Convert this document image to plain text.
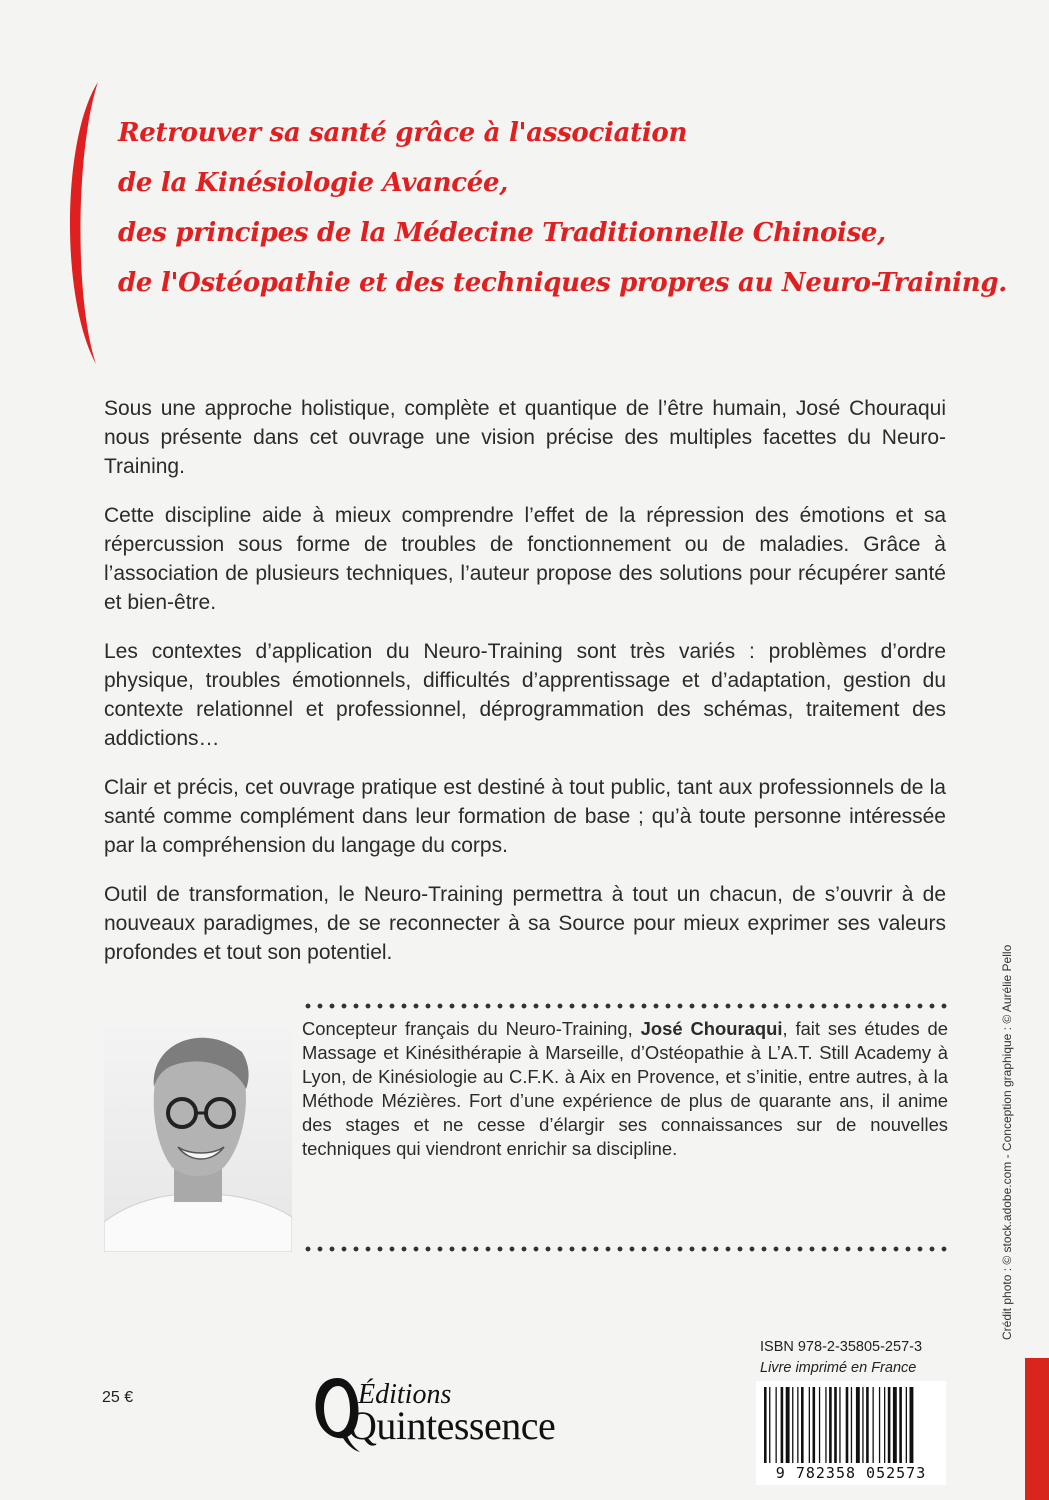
Retrouver sa santé grâce à l'association
de la Kinésiologie Avancée,
des principes de la Médecine Traditionnelle Chinoise,
de l'Ostéopathie et des techniques propres au Neuro-Training.

Sous une approche holistique, complète et quantique de l’être humain, José Chouraqui nous présente dans cet ouvrage une vision précise des multiples facettes du Neuro-Training.

Cette discipline aide à mieux comprendre l’effet de la répression des émotions et sa répercussion sous forme de troubles de fonctionnement ou de maladies. Grâce à l’association de plusieurs techniques, l’auteur propose des solutions pour récupérer santé et bien-être.

Les contextes d’application du Neuro-Training sont très variés : problèmes d’ordre physique, troubles émotionnels, difficultés d’apprentissage et d’adaptation, gestion du contexte relationnel et professionnel, déprogrammation des schémas, traitement des addictions…

Clair et précis, cet ouvrage pratique est destiné à tout public, tant aux professionnels de la santé comme complément dans leur formation de base ; qu’à toute personne intéressée par la compréhension du langage du corps.

Outil de transformation, le Neuro-Training permettra à tout un chacun, de s’ouvrir à de nouveaux paradigmes, de se reconnecter à sa Source pour mieux exprimer ses valeurs profondes et tout son potentiel.

Concepteur français du Neuro-Training, José Chouraqui, fait ses études de Massage et Kinésithérapie à Marseille, d’Ostéopathie à L’A.T. Still Academy à Lyon, de Kinésiologie au C.F.K. à Aix en Provence, et s’initie, entre autres, à la Méthode Mézières. Fort d’une expérience de plus de quarante ans, il anime des stages et ne cesse d’élargir ses connaissances sur de nouvelles techniques qui viendront enrichir sa discipline.
25 €	Éditions
Quintessence
ISBN 978-2-35805-257-3
Livre imprimé en France
9 782358 052573
Crédit photo : © stock.adobe.com - Conception graphique : © Aurélie Pello
